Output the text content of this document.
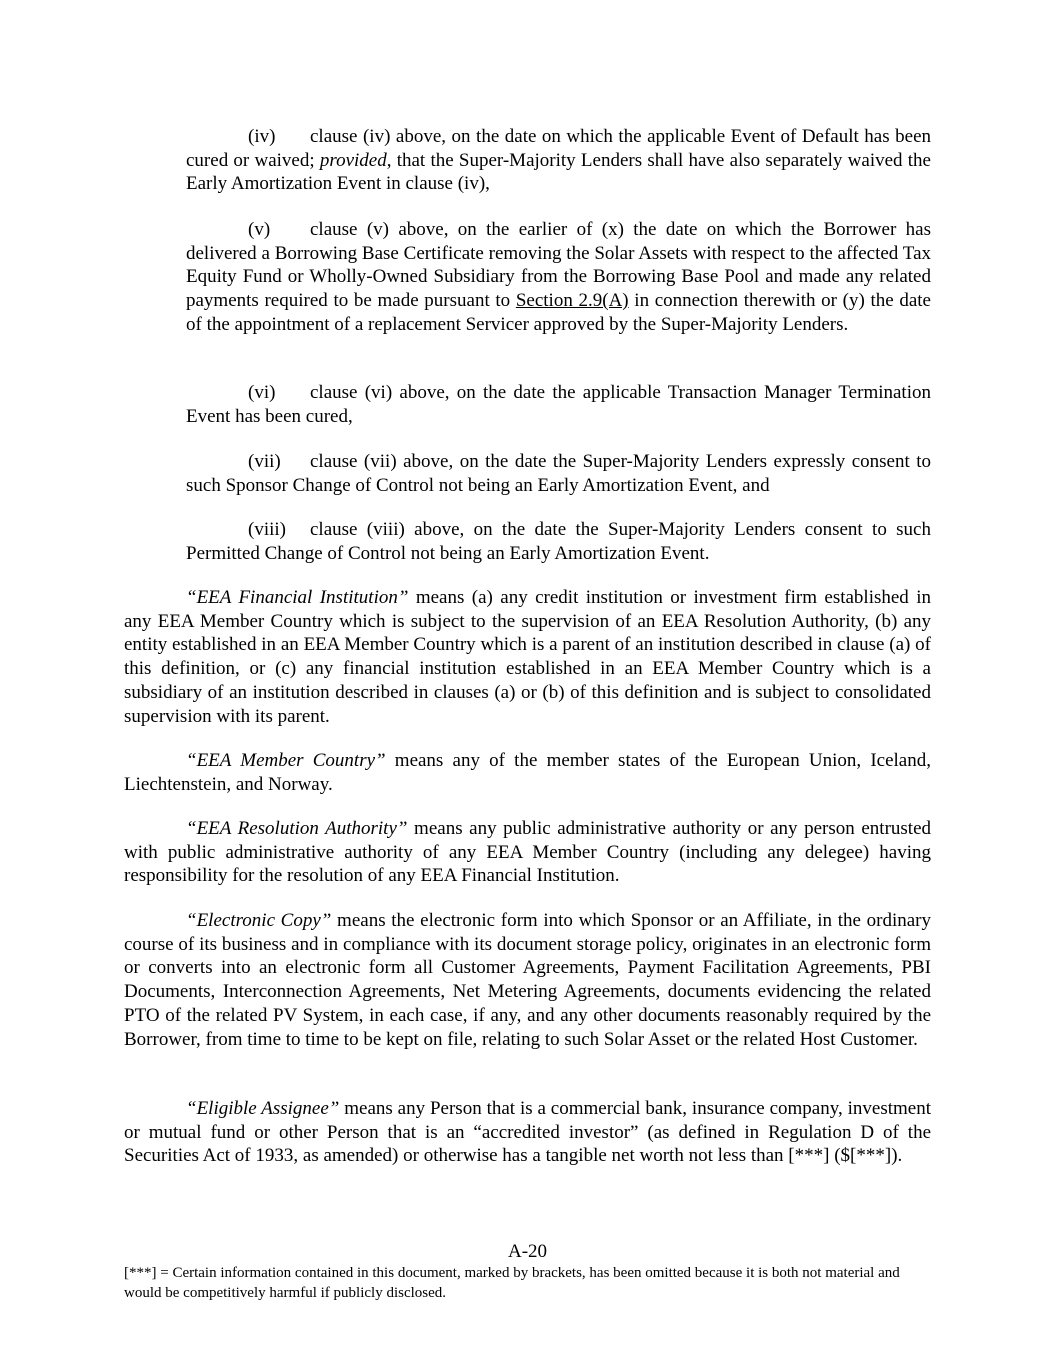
(iv) clause (iv) above, on the date on which the applicable Event of Default has been cured or waived; provided, that the Super-Majority Lenders shall have also separately waived the Early Amortization Event in clause (iv),

(v) clause (v) above, on the earlier of (x) the date on which the Borrower has delivered a Borrowing Base Certificate removing the Solar Assets with respect to the affected Tax Equity Fund or Wholly-Owned Subsidiary from the Borrowing Base Pool and made any related payments required to be made pursuant to Section 2.9(A) in connection therewith or (y) the date of the appointment of a replacement Servicer approved by the Super-Majority Lenders.

(vi) clause (vi) above, on the date the applicable Transaction Manager Termination Event has been cured,

(vii) clause (vii) above, on the date the Super-Majority Lenders expressly consent to such Sponsor Change of Control not being an Early Amortization Event, and

(viii) clause (viii) above, on the date the Super-Majority Lenders consent to such Permitted Change of Control not being an Early Amortization Event.

“EEA Financial Institution” means (a) any credit institution or investment firm established in any EEA Member Country which is subject to the supervision of an EEA Resolution Authority, (b) any entity established in an EEA Member Country which is a parent of an institution described in clause (a) of this definition, or (c) any financial institution established in an EEA Member Country which is a subsidiary of an institution described in clauses (a) or (b) of this definition and is subject to consolidated supervision with its parent.

“EEA Member Country” means any of the member states of the European Union, Iceland, Liechtenstein, and Norway.

“EEA Resolution Authority” means any public administrative authority or any person entrusted with public administrative authority of any EEA Member Country (including any delegee) having responsibility for the resolution of any EEA Financial Institution.

“Electronic Copy” means the electronic form into which Sponsor or an Affiliate, in the ordinary course of its business and in compliance with its document storage policy, originates in an electronic form or converts into an electronic form all Customer Agreements, Payment Facilitation Agreements, PBI Documents, Interconnection Agreements, Net Metering Agreements, documents evidencing the related PTO of the related PV System, in each case, if any, and any other documents reasonably required by the Borrower, from time to time to be kept on file, relating to such Solar Asset or the related Host Customer.

“Eligible Assignee” means any Person that is a commercial bank, insurance company, investment or mutual fund or other Person that is an “accredited investor” (as defined in Regulation D of the Securities Act of 1933, as amended) or otherwise has a tangible net worth not less than [***] ($[***]).

A-20

[***] = Certain information contained in this document, marked by brackets, has been omitted because it is both not material and would be competitively harmful if publicly disclosed.
